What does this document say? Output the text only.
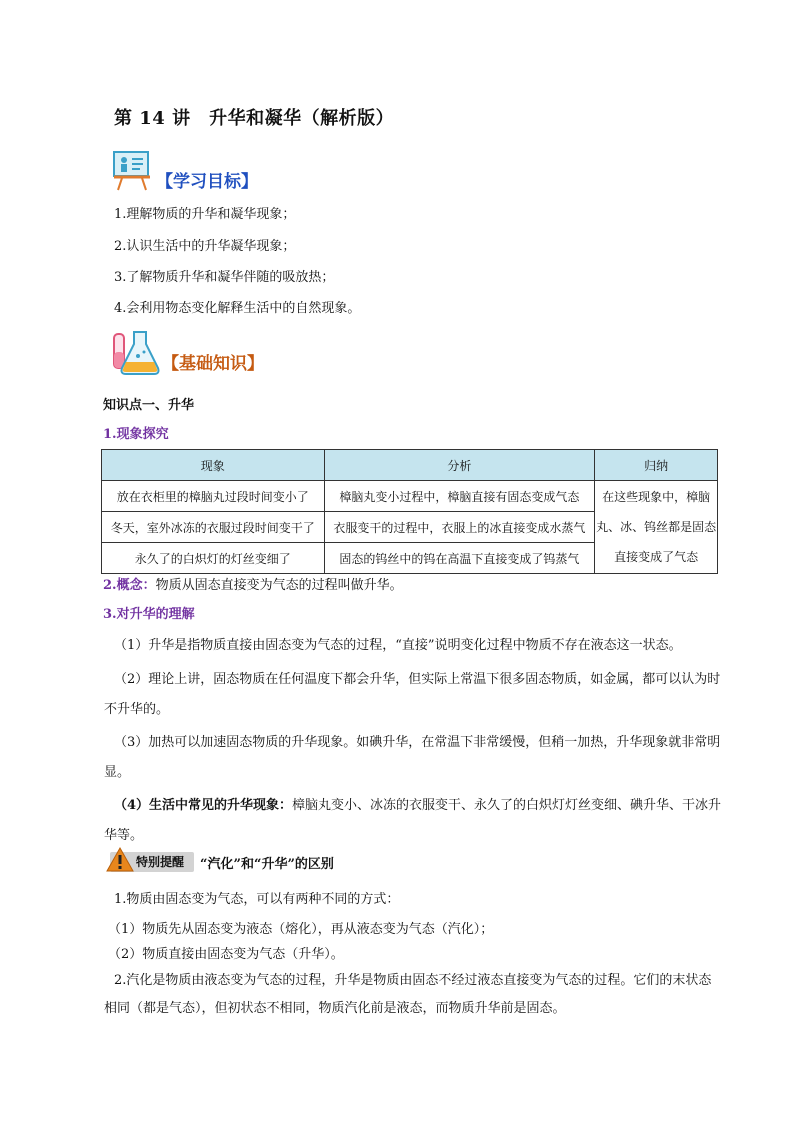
第 14 讲　升华和凝华（解析版）
【学习目标】
1.理解物质的升华和凝华现象；
2.认识生活中的升华凝华现象；
3.了解物质升华和凝华伴随的吸放热；
4.会利用物态变化解释生活中的自然现象。
【基础知识】
知识点一、升华
1.现象探究
现象	分析	归纳
放在衣柜里的樟脑丸过段时间变小了	樟脑丸变小过程中，樟脑直接有固态变成气态	在这些现象中，樟脑丸、冰、钨丝都是固态直接变成了气态
冬天，室外冰冻的衣服过段时间变干了	衣服变干的过程中，衣服上的冰直接变成水蒸气	
永久了的白炽灯的灯丝变细了	固态的钨丝中的钨在高温下直接变成了钨蒸气	
2.概念：物质从固态直接变为气态的过程叫做升华。
3.对升华的理解
（1）升华是指物质直接由固态变为气态的过程，“直接”说明变化过程中物质不存在液态这一状态。
（2）理论上讲，固态物质在任何温度下都会升华，但实际上常温下很多固态物质，如金属，都可以认为时不升华的。
（3）加热可以加速固态物质的升华现象。如碘升华，在常温下非常缓慢，但稍一加热，升华现象就非常明显。
（4）生活中常见的升华现象：樟脑丸变小、冰冻的衣服变干、永久了的白炽灯灯丝变细、碘升华、干冰升华等。
特别提醒	“汽化”和“升华”的区别
1.物质由固态变为气态，可以有两种不同的方式：
（1）物质先从固态变为液态（熔化），再从液态变为气态（汽化）；
（2）物质直接由固态变为气态（升华）。
2.汽化是物质由液态变为气态的过程，升华是物质由固态不经过液态直接变为气态的过程。它们的末状态相同（都是气态），但初状态不相同，物质汽化前是液态，而物质升华前是固态。
